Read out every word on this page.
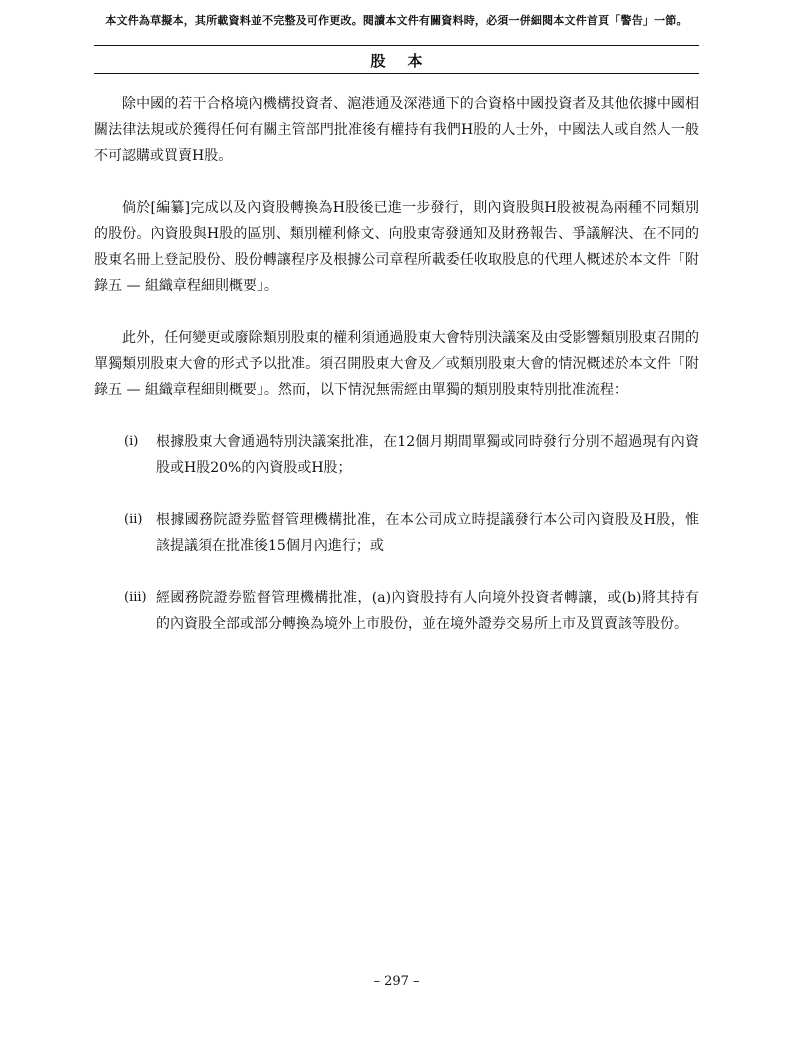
本文件為草擬本，其所載資料並不完整及可作更改。閱讀本文件有關資料時，必須一併細閱本文件首頁「警告」一節。
股本

除中國的若干合格境內機構投資者、滬港通及深港通下的合資格中國投資者及其他依據中國相關法律法規或於獲得任何有關主管部門批准後有權持有我們H股的人士外，中國法人或自然人一般不可認購或買賣H股。

倘於[編纂]完成以及內資股轉換為H股後已進一步發行，則內資股與H股被視為兩種不同類別的股份。內資股與H股的區別、類別權利條文、向股東寄發通知及財務報告、爭議解決、在不同的股東名冊上登記股份、股份轉讓程序及根據公司章程所載委任收取股息的代理人概述於本文件「附錄五 — 組織章程細則概要」。

此外，任何變更或廢除類別股東的權利須通過股東大會特別決議案及由受影響類別股東召開的單獨類別股東大會的形式予以批准。須召開股東大會及／或類別股東大會的情況概述於本文件「附錄五 — 組織章程細則概要」。然而，以下情況無需經由單獨的類別股東特別批准流程：

(i)	根據股東大會通過特別決議案批准，在12個月期間單獨或同時發行分別不超過現有內資股或H股20%的內資股或H股；
(ii) 根據國務院證券監督管理機構批准，在本公司成立時提議發行本公司內資股及H股，惟該提議須在批准後15個月內進行；或
(iii) 經國務院證券監督管理機構批准，(a)內資股持有人向境外投資者轉讓，或(b)將其持有的內資股全部或部分轉換為境外上市股份，並在境外證券交易所上市及買賣該等股份。
– 297 –
